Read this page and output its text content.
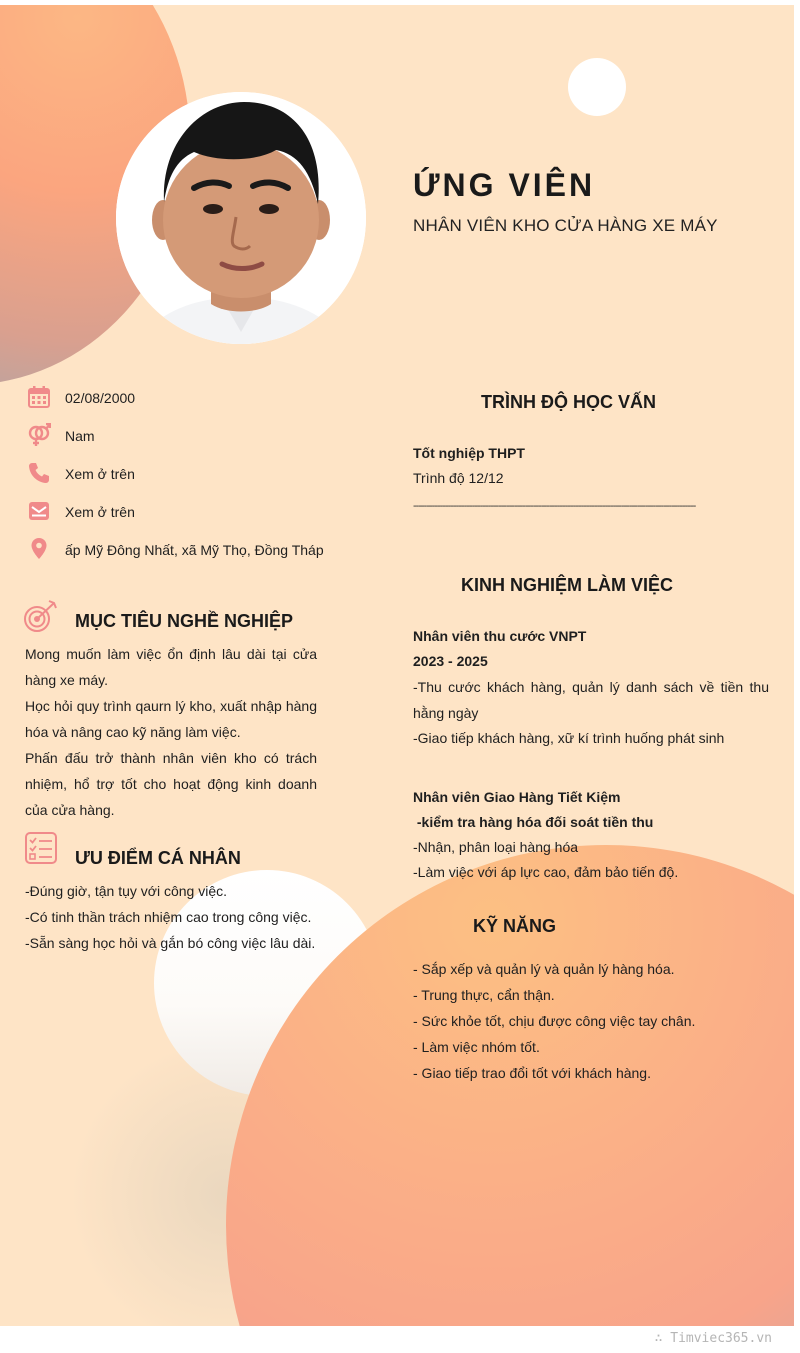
ỨNG VIÊN
NHÂN VIÊN KHO CỬA HÀNG XE MÁY
02/08/2000
Nam
Xem ở trên
Xem ở trên
ấp Mỹ Đông Nhất, xã Mỹ Thọ, Đồng Tháp
MỤC TIÊU NGHỀ NGHIỆP

Mong muốn làm việc ổn định lâu dài tại cửa hàng xe máy.

Học hỏi quy trình qaurn lý kho, xuất nhập hàng hóa và nâng cao kỹ năng làm việc.

Phấn đấu trở thành nhân viên kho có trách nhiệm, hổ trợ tốt cho hoạt động kinh doanh của cửa hàng.

ƯU ĐIỂM CÁ NHÂN
-Đúng giờ, tận tụy với công việc.
-Có tinh thần trách nhiệm cao trong công việc.
-Sẵn sàng học hỏi và gắn bó công việc lâu dài.
TRÌNH ĐỘ HỌC VẤN
Tốt nghiệp THPT
Trình độ 12/12
----------------------------------------------------------------------------------------------------------
KINH NGHIỆM LÀM VIỆC
Nhân viên thu cước VNPT
2023 - 2025
-Thu cước khách hàng, quản lý danh sách về tiền thu hằng ngày
-Giao tiếp khách hàng, xữ kí trình huống phát sinh
Nhân viên Giao Hàng Tiết Kiệm
-kiểm tra hàng hóa đối soát tiền thu
-Nhận, phân loại hàng hóa
-Làm việc với áp lực cao, đảm bảo tiến độ.
KỸ NĂNG
- Sắp xếp và quản lý và quản lý hàng hóa.
- Trung thực, cẩn thận.
- Sức khỏe tốt, chịu được công việc tay chân.
- Làm việc nhóm tốt.
- Giao tiếp trao đổi tốt với khách hàng.
∴ Timviec365.vn
